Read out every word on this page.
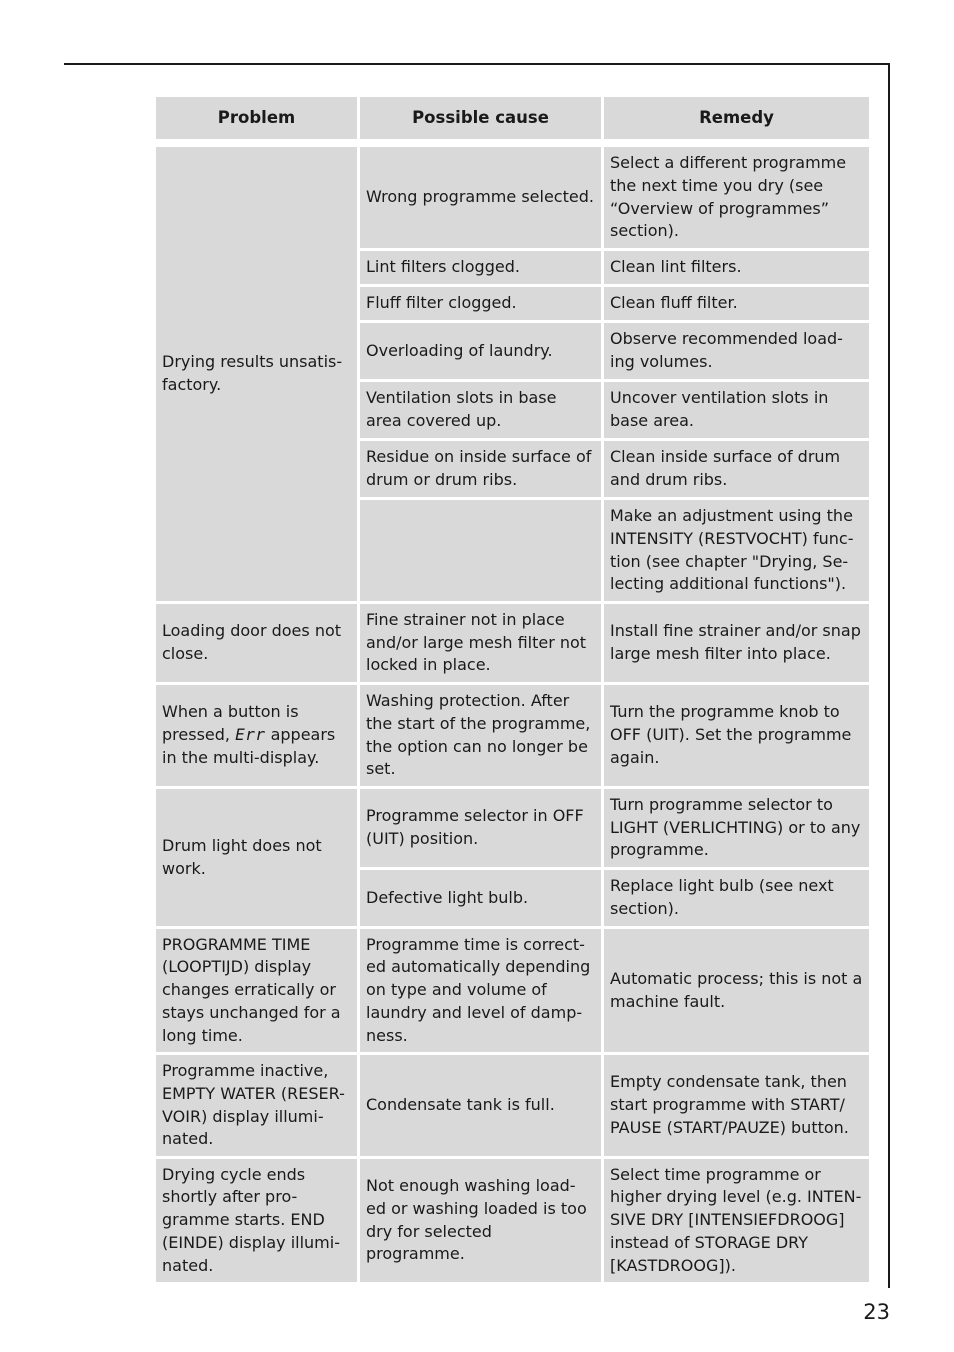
Problem	Possible cause	Remedy

Drying results unsatis-factory.	Wrong programme selected.	Select a different programme the next time you dry (see “Overview of programmes” section).
	Lint filters clogged.	Clean lint filters.
	Fluff filter clogged.	Clean fluff filter.
	Overloading of laundry.	Observe recommended load-ing volumes.
	Ventilation slots in base area covered up.	Uncover ventilation slots in base area.
	Residue on inside surface of drum or drum ribs.	Clean inside surface of drum and drum ribs.
		Make an adjustment using the INTENSITY (RESTVOCHT) func-tion (see chapter "Drying, Se-lecting additional functions").
Loading door does not close.	Fine strainer not in place and/or large mesh filter not locked in place.	Install fine strainer and/or snap large mesh filter into place.
When a button is pressed, Err appears in the multi-display.	Washing protection. After the start of the programme, the option can no longer be set.	Turn the programme knob to OFF (UIT). Set the programme again.
Drum light does not work.	Programme selector in OFF (UIT) position.	Turn programme selector to LIGHT (VERLICHTING) or to any programme.
	Defective light bulb.	Replace light bulb (see next section).
PROGRAMME TIME (LOOPTIJD) display changes erratically or stays unchanged for a long time.	Programme time is correct-ed automatically depending on type and volume of laundry and level of damp-ness.	Automatic process; this is not a machine fault.
Programme inactive, EMPTY WATER (RESER-VOIR) display illumi-nated.	Condensate tank is full.	Empty condensate tank, then start programme with START/ PAUSE (START/PAUZE) button.
Drying cycle ends shortly after pro-gramme starts. END (EINDE) display illumi-nated.	Not enough washing load-ed or washing loaded is too dry for selected programme.	Select time programme or higher drying level (e.g. INTEN-SIVE DRY [INTENSIEFDROOG] instead of STORAGE DRY [KASTDROOG]).
23
